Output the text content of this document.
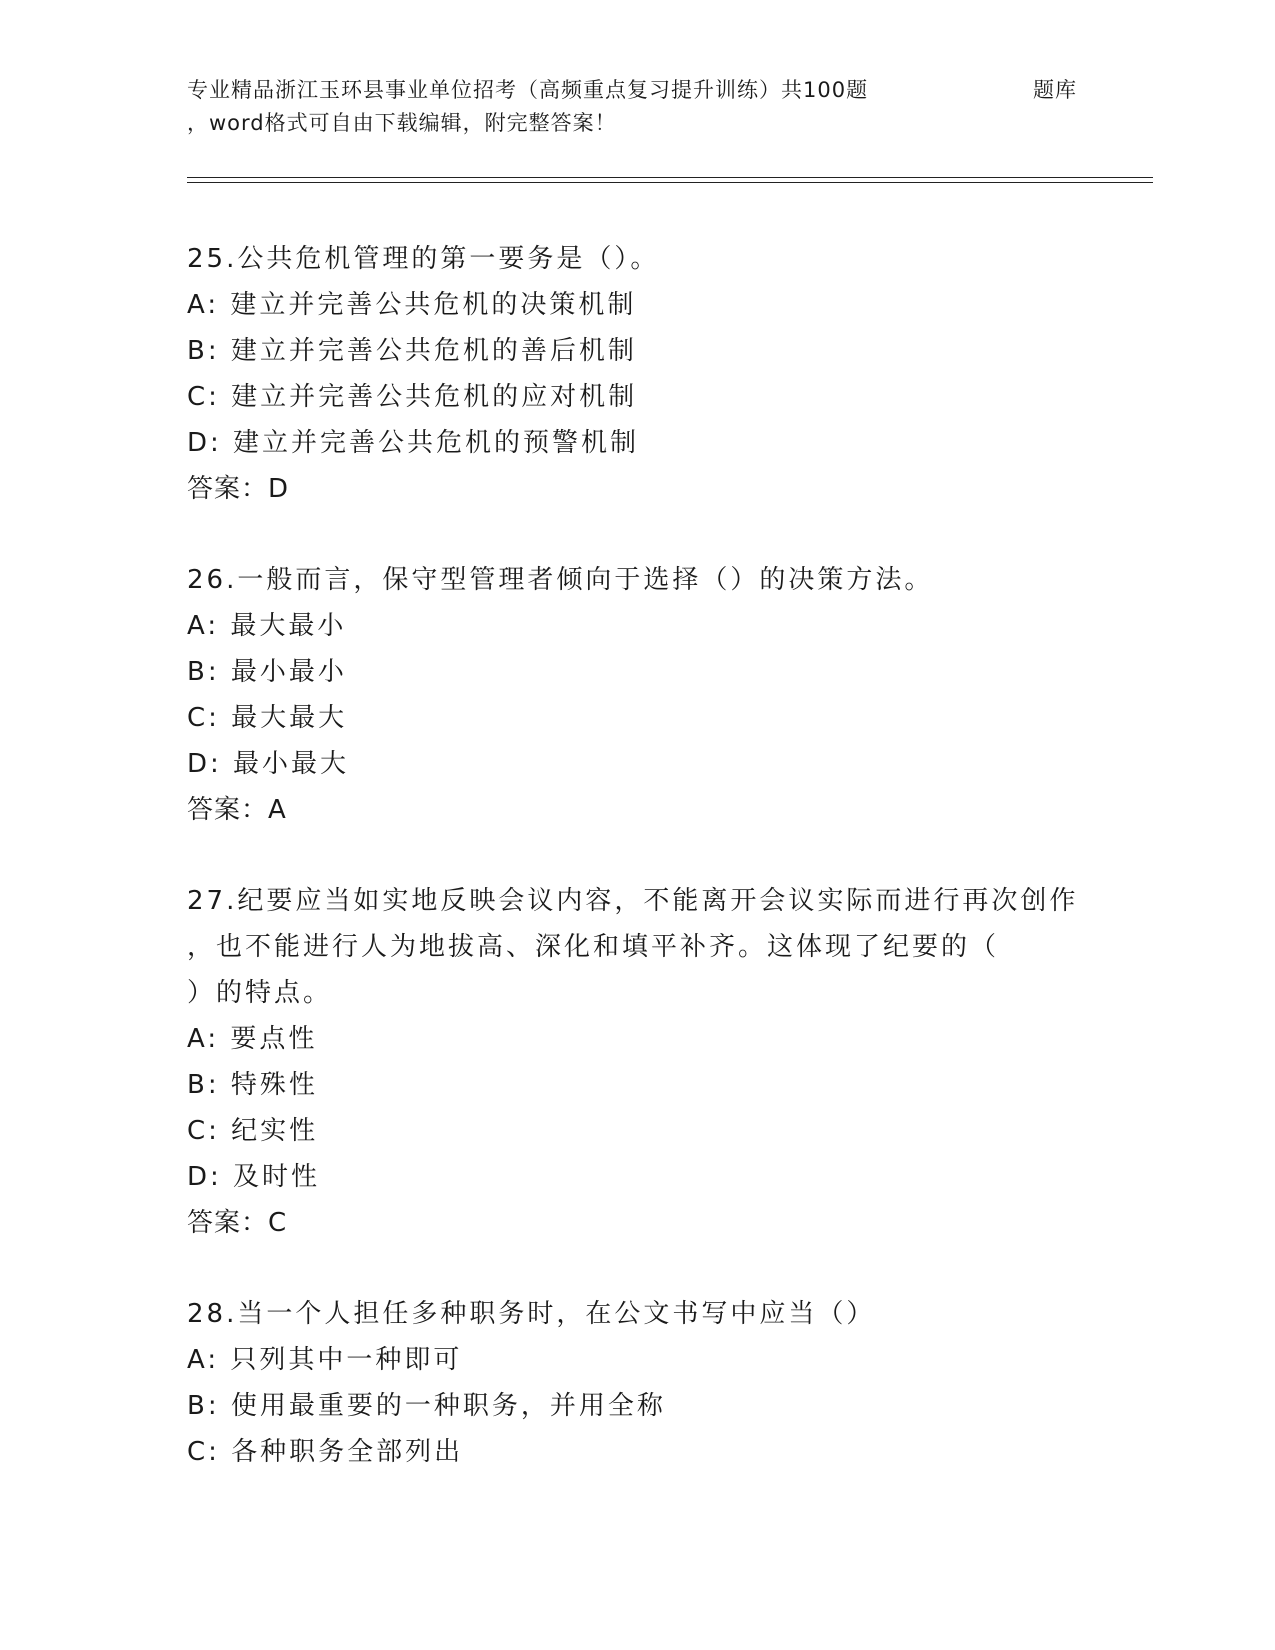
专业精品浙江玉环县事业单位招考（高频重点复习提升训练）共100题	题库
，word格式可自由下载编辑，附完整答案！
25.公共危机管理的第一要务是（）。
A: 建立并完善公共危机的决策机制
B: 建立并完善公共危机的善后机制
C: 建立并完善公共危机的应对机制
D: 建立并完善公共危机的预警机制
答案：D
26.一般而言，保守型管理者倾向于选择（）的决策方法。
A: 最大最小
B: 最小最小
C: 最大最大
D: 最小最大
答案：A
27.纪要应当如实地反映会议内容，不能离开会议实际而进行再次创作
，也不能进行人为地拔高、深化和填平补齐。这体现了纪要的（
）的特点。
A: 要点性
B: 特殊性
C: 纪实性
D: 及时性
答案：C
28.当一个人担任多种职务时，在公文书写中应当（）
A: 只列其中一种即可
B: 使用最重要的一种职务，并用全称
C: 各种职务全部列出
